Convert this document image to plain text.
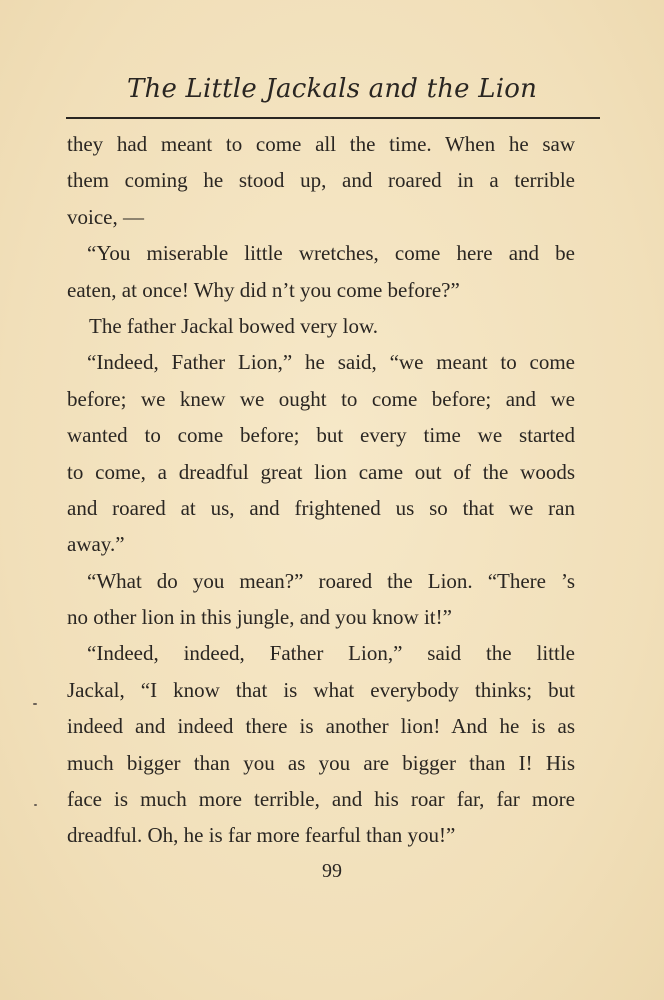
The Little Jackals and the Lion
they had meant to come all the time. When he saw
them coming he stood up, and roared in a terrible
voice, —
“You miserable little wretches, come here and be
eaten, at once! Why did n’t you come before?”
The father Jackal bowed very low.
“Indeed, Father Lion,” he said, “we meant to come
before; we knew we ought to come before; and we
wanted to come before; but every time we started
to come, a dreadful great lion came out of the woods
and roared at us, and frightened us so that we ran
away.”
“What do you mean?” roared the Lion. “There ’s
no other lion in this jungle, and you know it!”
“Indeed, indeed, Father Lion,” said the little
Jackal, “I know that is what everybody thinks; but
indeed and indeed there is another lion! And he is as
much bigger than you as you are bigger than I! His
face is much more terrible, and his roar far, far more
dreadful. Oh, he is far more fearful than you!”
99
